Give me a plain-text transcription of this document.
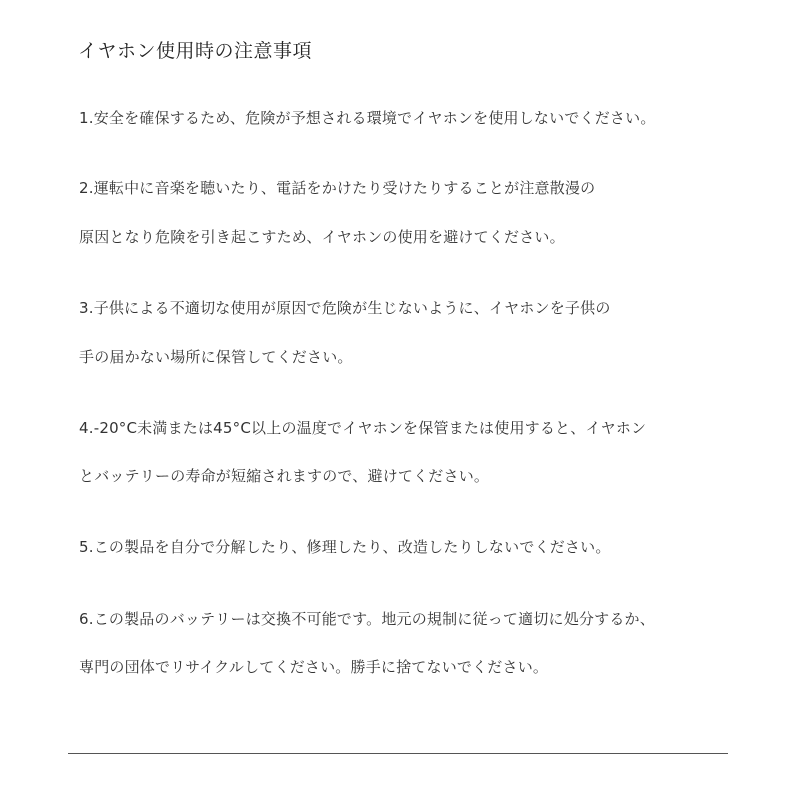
イヤホン使用時の注意事項
1.安全を確保するため、危険が予想される環境でイヤホンを使用しないでください。
2.運転中に音楽を聴いたり、電話をかけたり受けたりすることが注意散漫の
原因となり危険を引き起こすため、イヤホンの使用を避けてください。
3.子供による不適切な使用が原因で危険が生じないように、イヤホンを子供の
手の届かない場所に保管してください。
4.-20°C未満または45°C以上の温度でイヤホンを保管または使用すると、イヤホン
とバッテリーの寿命が短縮されますので、避けてください。
5.この製品を自分で分解したり、修理したり、改造したりしないでください。
6.この製品のバッテリーは交換不可能です。地元の規制に従って適切に処分するか、
専門の団体でリサイクルしてください。勝手に捨てないでください。
